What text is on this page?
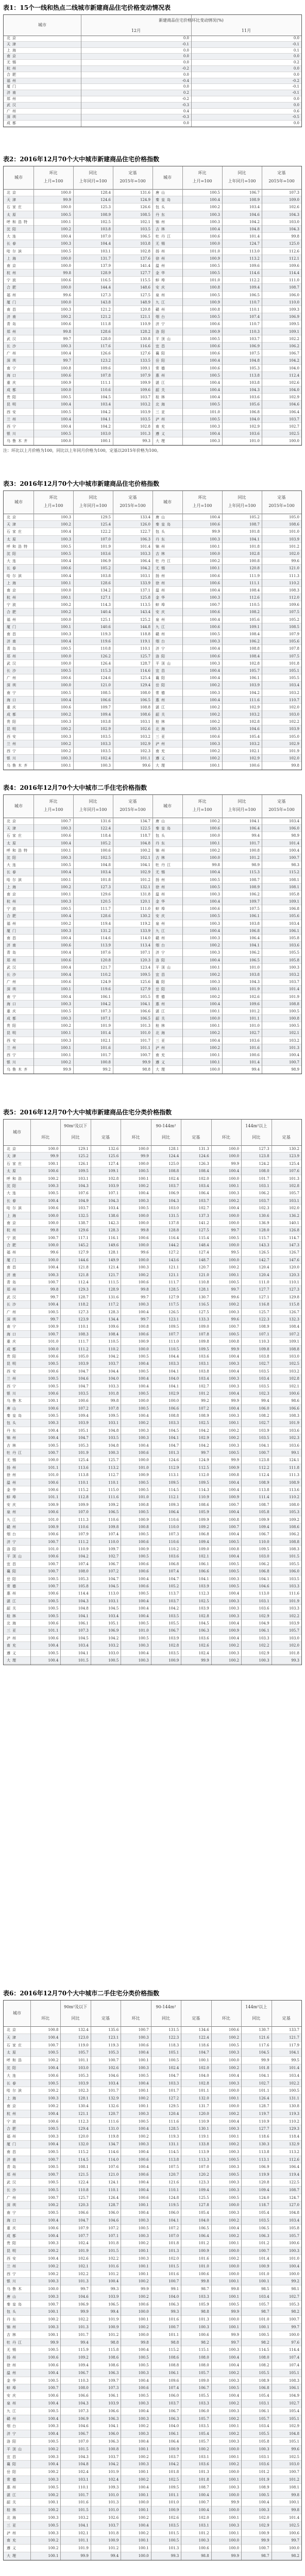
表1：15个一线和热点二线城市新建商品住宅价格变动情况表
城市
新建商品住宅价格环比变动情况(%)
12月	11月
北京	0.0	0.0
天津	-0.1	-0.1
上海	0.0	0.1
南京	0.0	0.0
无锡	0.0	0.2
杭州	-0.2	0.0
合肥	0.0	0.0
福州	-0.4	-0.2
厦门	0.0	-0.1
济南	0.2	-0.1
郑州	-0.2	0.0
武汉	-0.3	0.0
广州	0.4	0.6
深圳	-0.3	-0.5
成都	0.0	0.0
表2：2016年12月70个大中城市新建商品住宅价格指数
城市
环比	同比	定基
城市
环比	同比	定基
上月=100	上年同月=100	2015年=100	上月=100	上年同月=100	2015年=100
北京	100.0	128.4	131.6	唐山	100.5	106.7	107.3
天津	99.9	124.6	124.9	秦皇岛	100.4	108.9	109.0
石家庄	100.0	125.3	126.6	包头	100.2	103.4	102.6
太原	100.5	108.9	108.5	丹东	100.3	104.6	104.3
呼和浩特	100.1	102.5	102.1	锦州	100.3	104.2	103.0
沈阳	100.2	103.8	103.5	吉林	100.4	104.8	104.3
大连	100.4	107.0	106.5	牡丹江	100.6	101.4	99.8
长春	100.3	104.4	103.8	无锡	100.0	124.7	125.0
哈尔滨	100.5	103.1	102.8	扬州	101.0	113.0	112.6
上海	100.0	131.7	137.6	徐州	100.9	113.2	112.1
南京	100.0	137.9	141.4	温州	100.5	109.6	109.6
杭州	99.8	128.9	127.7	金华	100.5	114.6	114.4
宁波	100.6	116.5	115.5	蚌埠	101.0	112.2	111.0
合肥	100.0	144.4	148.6	安庆	100.8	109.4	108.7
福州	99.6	127.3	127.5	泉州	100.5	106.5	106.0
厦门	100.0	143.8	148.9	九江	100.9	110.7	110.0
南昌	100.3	121.2	120.8	赣州	100.8	110.1	109.3
济南	100.2	121.2	121.1	烟台	100.5	107.4	106.9
青岛	100.6	111.8	110.9	济宁	100.6	110.7	109.5
郑州	99.8	128.6	128.2	洛阳	100.9	110.3	109.1
武汉	99.7	128.0	130.8	平顶山	100.5	103.7	102.2
长沙	100.3	117.6	116.6	宜昌	100.6	106.9	106.2
广州	100.4	126.6	127.6	襄阳	100.6	107.5	106.7
深圳	99.7	123.2	133.5	岳阳	100.4	104.8	104.2
南宁	100.8	109.6	109.1	常德	100.6	105.3	104.0
海口	100.6	107.8	107.9	惠州	100.5	113.8	112.4
重庆	100.9	111.1	109.9	湛江	100.4	103.8	102.6
成都	100.0	110.6	109.6	韶关	100.4	104.3	104.0
贵阳	100.5	104.5	103.7	桂林	100.4	103.6	102.9
昆明	100.4	103.4	103.2	北海	100.5	105.6	104.6
西安	100.5	104.2	103.9	三亚	101.0	106.8	106.4
兰州	100.4	104.1	103.5	泸州	100.5	104.0	103.7
西宁	100.4	104.2	102.8	南充	100.3	102.9	102.7
银川	100.5	103.0	101.3	遵义	100.4	103.6	102.5
乌鲁木齐	100.0	100.1	99.3	大理	100.3	101.0	100.0
注：环比以上月价格为100，同比以上年同月价格为100，定基以2015年价格为100。
表3：2016年12月70个大中城市新建商品住宅价格指数
城市
环比	同比	定基
城市
环比	同比	定基
上月=100	上年同月=100	2015年=100	上月=100	上年同月=100	2015年=100
北京	100.3	129.5	133.4	唐山	100.4	105.2	105.0
天津	100.2	125.4	126.0	秦皇岛	100.6	108.7	108.6
石家庄	100.4	122.2	122.7	包头	99.9	101.8	101.0
太原	100.3	107.0	106.3	丹东	100.3	104.1	103.9
呼和浩特	100.5	101.9	101.4	锦州	100.1	101.8	101.2
沈阳	100.5	103.6	103.3	吉林	100.0	102.8	102.0
大连	100.4	106.9	106.4	牡丹江	100.2	100.8	99.6
长春	100.6	105.2	104.2	无锡	100.1	120.8	121.0
哈尔滨	100.4	103.8	103.1	扬州	100.6	111.9	111.3
上海	100.1	128.6	133.9	徐州	100.6	111.1	110.2
南京	100.0	134.2	137.1	温州	100.4	108.4	108.3
杭州	100.1	127.1	125.8	金华	100.3	112.6	112.0
宁波	100.2	114.3	113.5	蚌埠	100.7	110.5	109.6
合肥	100.2	140.4	143.4	安庆	100.6	108.2	107.5
福州	100.0	125.1	125.2	泉州	100.4	105.6	105.2
厦门	100.1	140.6	144.8	九江	100.6	109.1	108.5
南昌	100.3	119.3	118.8	赣州	100.5	108.4	107.9
济南	100.4	119.6	119.1	烟台	100.3	106.2	105.6
青岛	100.5	110.8	110.1	济宁	100.4	108.8	107.8
郑州	100.0	126.2	125.7	洛阳	100.6	108.4	107.5
武汉	100.0	126.4	128.7	平顶山	100.3	102.8	101.8
长沙	100.5	115.3	114.6	宜昌	100.4	105.7	105.1
广州	100.6	124.6	125.4	襄阳	100.4	106.1	105.5
深圳	100.0	121.0	129.4	岳阳	100.2	103.9	103.4
南宁	100.5	108.5	108.0	常德	100.3	104.2	103.2
海口	100.4	106.6	106.5	惠州	100.4	111.6	110.7
重庆	100.6	109.7	108.8	湛江	100.2	102.9	102.0
成都	100.2	109.4	108.6	韶关	100.2	103.2	103.0
贵阳	100.3	103.8	103.1	桂林	100.2	102.8	102.2
昆明	100.2	102.9	102.6	北海	100.3	104.6	103.9
西安	100.3	103.5	103.2	三亚	100.6	105.4	105.0
兰州	100.2	103.3	102.9	泸州	100.3	103.2	102.9
西宁	100.2	103.5	102.3	南充	100.2	102.1	101.9
银川	100.3	102.4	101.1	遵义	100.2	102.9	102.0
乌鲁木齐	100.1	100.3	99.6	大理	100.1	100.6	99.8
表4：2016年12月70个大中城市二手住宅价格指数
城市
环比	同比	定基
城市
环比	同比	定基
上月=100	上年同月=100	2015年=100	上月=100	上年同月=100	2015年=100
北京	100.7	131.6	134.7	唐山	100.2	104.1	103.4
天津	100.3	122.4	122.5	秦皇岛	100.6	106.4	106.0
石家庄	100.6	118.4	118.7	包头	100.0	99.4	98.9
太原	100.4	105.2	104.8	丹东	100.1	101.7	101.4
呼和浩特	100.1	100.6	100.2	锦州	100.2	100.8	100.4
沈阳	100.3	102.5	102.1	吉林	100.0	101.2	100.7
大连	100.5	104.8	104.1	牡丹江	99.8	98.9	98.3
长春	100.4	103.4	102.9	无锡	100.4	115.3	115.2
哈尔滨	100.1	101.8	101.2	扬州	100.5	108.7	108.1
上海	100.2	127.3	132.1	徐州	100.5	108.9	108.1
南京	100.1	129.6	131.8	温州	100.3	106.2	105.8
杭州	100.3	120.5	120.1	金华	100.4	109.7	109.1
宁波	100.5	111.7	111.0	蚌埠	100.6	107.5	106.8
合肥	100.4	128.6	130.2	安庆	100.5	106.1	105.6
福州	100.2	119.4	119.2	泉州	100.3	103.8	103.4
厦门	100.3	131.2	133.9	九江	100.4	106.8	106.1
南昌	100.4	114.6	114.0	赣州	100.3	106.4	105.8
济南	100.6	113.9	113.4	烟台	100.2	104.1	103.6
青岛	100.4	107.6	107.1	济宁	100.3	106.2	105.5
郑州	100.6	120.8	120.3	洛阳	100.4	106.5	105.8
武汉	100.4	121.7	123.4	平顶山	100.1	101.0	100.3
长沙	100.4	110.2	109.5	宜昌	100.2	103.8	103.2
广州	100.6	124.9	125.6	襄阳	100.3	104.3	103.7
深圳	100.1	119.6	127.9	岳阳	100.1	101.9	101.4
南宁	100.4	106.1	105.5	常德	100.2	102.6	101.9
海口	100.3	104.2	104.1	惠州	100.4	109.6	108.8
重庆	100.5	107.3	106.6	湛江	100.1	101.2	100.5
成都	100.3	107.1	106.5	韶关	100.0	101.1	100.8
贵阳	100.2	101.9	101.3	桂林	100.1	101.0	100.5
昆明	100.1	101.4	101.0	北海	100.2	102.7	102.1
西安	100.3	102.1	101.7	三亚	100.4	103.6	103.2
兰州	100.1	101.6	101.1	泸州	100.2	101.6	101.3
西宁	100.1	101.7	100.7	南充	100.1	100.6	100.4
银川	100.2	100.8	99.9	遵义	100.1	101.4	100.7
乌鲁木齐	99.9	99.2	98.8	大理	100.0	99.4	98.9
表5：2016年12月70个大中城市新建商品住宅分类价格指数
城市
90m²及以下	90-144m²	144m²以上
环比	同比	定基	环比	同比	定基	环比	同比	定基
北京	100.0	129.1	132.6	100.0	128.1	131.3	100.0	127.3	130.2
天津	99.9	125.2	125.6	99.9	124.4	124.6	100.0	123.8	123.9
石家庄	100.1	126.1	127.4	100.0	125.0	126.3	99.9	124.2	125.4
太原	100.6	109.5	109.1	100.5	108.8	108.4	100.4	108.0	107.6
呼和浩	100.2	103.1	102.8	100.1	102.4	102.0	100.0	101.7	101.3
沈阳	100.3	104.3	103.9	100.2	103.7	103.4	100.1	103.1	102.8
大连	100.5	107.6	107.1	100.4	106.9	106.4	100.3	106.2	105.7
长春	100.4	104.9	104.3	100.3	104.3	103.7	100.2	103.7	103.1
哈尔滨	100.6	103.7	103.4	100.5	103.0	102.7	100.4	102.3	102.0
上海	100.0	132.5	138.6	100.0	131.5	137.3	100.0	130.6	136.2
南京	100.0	138.7	142.3	100.0	137.8	141.2	100.0	136.9	140.1
杭州	99.8	129.6	128.3	99.8	128.8	127.5	99.7	128.0	126.8
宁波	100.7	117.1	116.1	100.6	116.4	115.4	100.5	115.7	114.7
合肥	100.0	145.2	149.6	100.0	144.2	148.4	100.0	143.3	147.3
福州	99.6	127.9	128.1	99.6	127.2	127.4	99.5	126.5	126.7
厦门	100.0	144.6	149.9	100.0	143.6	148.7	100.0	142.7	147.6
南昌	100.4	121.8	121.4	100.3	121.1	120.7	100.2	120.4	120.0
济南	100.3	121.8	121.7	100.2	121.1	121.0	100.1	120.4	120.3
青岛	100.7	112.4	111.5	100.6	111.7	110.8	100.5	111.0	110.1
郑州	99.8	129.3	128.9	99.8	128.5	128.1	99.7	127.7	127.3
武汉	99.7	128.7	131.6	99.7	127.9	130.7	99.6	127.1	129.8
长沙	100.4	118.2	117.2	100.3	117.5	116.5	100.2	116.8	115.8
广州	100.5	127.3	128.3	100.4	126.5	127.5	100.3	125.7	126.7
深圳	99.7	123.9	134.4	99.7	123.1	133.3	99.6	122.3	132.3
南宁	100.9	110.1	109.6	100.8	109.5	109.0	100.7	108.9	108.4
海口	100.7	108.3	108.4	100.6	107.7	107.8	100.5	107.1	107.2
重庆	101.0	111.7	110.5	100.9	111.0	109.8	100.8	110.3	109.1
成都	100.0	111.2	110.2	100.0	110.5	109.5	99.9	109.8	108.8
贵阳	100.6	105.0	104.2	100.5	104.4	103.6	100.4	103.8	103.0
昆明	100.5	103.9	103.7	100.4	103.3	103.1	100.3	102.7	102.5
西安	100.6	104.7	104.4	100.5	104.1	103.8	100.4	103.5	103.2
兰州	100.5	104.6	104.0	100.4	104.0	103.4	100.3	103.4	102.8
西宁	100.5	104.7	103.3	100.4	104.1	102.7	100.3	103.5	102.1
银川	100.6	103.5	101.8	100.5	102.9	101.2	100.4	102.3	100.6
乌鲁木	100.1	100.6	99.8	100.0	100.0	99.2	99.9	99.4	98.6
唐山	100.6	107.2	107.8	100.5	106.6	107.2	100.4	106.0	106.6
秦皇岛	100.5	109.4	109.5	100.4	108.8	108.9	100.3	108.2	108.3
包头	100.3	103.9	103.1	100.2	103.3	102.5	100.1	102.7	101.9
丹东	100.4	105.1	104.8	100.3	104.5	104.2	100.2	103.9	103.6
锦州	100.4	104.7	103.5	100.3	104.1	102.9	100.2	103.5	102.3
吉林	100.5	105.3	104.8	100.4	104.7	104.2	100.3	104.1	103.6
牡丹江	100.7	101.9	100.3	100.6	101.3	99.7	100.5	100.7	99.1
无锡	100.0	125.4	125.7	100.0	124.6	124.9	99.9	123.8	124.1
扬州	101.1	113.6	113.2	101.0	112.9	112.5	100.9	112.2	111.8
徐州	101.0	113.8	112.7	100.9	113.1	112.0	100.8	112.4	111.3
温州	100.6	110.1	110.1	100.5	109.5	109.5	100.4	108.9	108.9
金华	100.6	115.2	115.0	100.5	114.5	114.3	100.4	113.8	113.6
蚌埠	101.1	112.8	111.6	101.0	112.1	110.9	100.9	111.4	110.2
安庆	100.9	109.9	109.2	100.8	109.3	108.6	100.7	108.7	108.0
泉州	100.6	107.0	106.5	100.5	106.4	105.9	100.4	105.8	105.3
九江	101.0	111.3	110.6	100.9	110.6	109.9	100.8	109.9	109.2
赣州	100.9	110.6	109.8	100.8	110.0	109.2	100.7	109.4	108.6
烟台	100.6	107.9	107.4	100.5	107.3	106.8	100.4	106.7	106.2
济宁	100.7	111.2	110.0	100.6	110.6	109.4	100.5	110.0	108.8
洛阳	101.0	110.9	109.7	100.9	110.2	109.0	100.8	109.5	108.3
平顶山	100.6	104.2	102.7	100.5	103.6	102.1	100.4	103.0	101.5
宜昌	100.7	107.4	106.7	100.6	106.8	106.1	100.5	106.2	105.5
襄阳	100.7	108.0	107.2	100.6	107.4	106.6	100.5	106.8	106.0
岳阳	100.5	105.3	104.7	100.4	104.7	104.1	100.3	104.1	103.5
常德	100.7	105.8	104.5	100.6	105.2	103.9	100.5	104.6	103.3
惠州	100.6	114.4	113.0	100.5	113.7	112.3	100.4	113.0	111.6
湛江	100.5	104.3	103.1	100.4	103.7	102.5	100.3	103.1	101.9
韶关	100.5	104.8	104.5	100.4	104.2	103.9	100.3	103.6	103.3
桂林	100.5	104.1	103.4	100.4	103.5	102.8	100.3	102.9	102.2
北海	100.6	106.1	105.1	100.5	105.5	104.5	100.4	104.9	103.9
三亚	101.1	107.3	106.9	101.0	106.7	106.3	100.9	106.1	105.7
泸州	100.6	104.5	104.2	100.5	103.9	103.6	100.4	103.3	103.0
南充	100.4	103.4	103.2	100.3	102.8	102.6	100.2	102.2	102.0
遵义	100.5	104.1	103.0	100.4	103.5	102.4	100.3	102.9	101.8
大理	100.4	101.5	100.5	100.3	100.9	99.9	100.2	100.3	99.3
表6：2016年12月70个大中城市二手住宅分类价格指数
城市
90m²及以下	90-144m²	144m²以上
环比	同比	定基	环比	同比	定基	环比	同比	定基
北京	100.8	132.4	135.6	100.7	131.5	134.6	100.6	130.7	133.7
天津	100.4	123.0	123.1	100.3	122.3	122.4	100.2	121.6	121.7
石家庄	100.7	119.0	119.3	100.6	118.3	118.6	100.5	117.6	117.9
太原	100.5	105.7	105.3	100.4	105.1	104.7	100.3	104.5	104.1
呼和浩	100.2	101.1	100.7	100.1	100.5	100.1	100.0	99.9	99.5
沈阳	100.4	103.0	102.6	100.3	102.4	102.0	100.2	101.8	101.4
大连	100.6	105.3	104.6	100.5	104.7	104.0	100.4	104.1	103.4
长春	100.5	103.9	103.4	100.4	103.3	102.8	100.3	102.7	102.2
哈尔滨	100.2	102.3	101.7	100.1	101.7	101.1	100.0	101.1	100.5
上海	100.3	128.1	132.9	100.2	127.2	132.0	100.1	126.4	131.1
南京	100.2	130.4	132.6	100.1	129.5	131.7	100.0	128.7	130.8
杭州	100.4	121.1	120.7	100.3	120.4	120.0	100.2	119.7	119.3
宁波	100.6	112.3	111.6	100.5	111.6	110.9	100.4	110.9	110.2
合肥	100.5	129.4	131.0	100.4	128.5	130.1	100.3	127.7	129.3
福州	100.3	120.0	119.8	100.2	119.3	119.1	100.1	118.6	118.4
厦门	100.4	132.0	134.7	100.3	131.1	133.8	100.2	130.3	132.9
南昌	100.5	115.2	114.6	100.4	114.5	113.9	100.3	113.8	113.2
济南	100.7	114.5	114.0	100.6	113.8	113.3	100.5	113.1	112.6
青岛	100.5	108.1	107.6	100.4	107.5	107.0	100.3	106.9	106.4
郑州	100.7	121.5	121.0	100.6	120.7	120.2	100.5	119.9	119.4
武汉	100.5	122.4	124.1	100.4	121.6	123.3	100.3	120.8	122.5
长沙	100.5	110.8	110.1	100.4	110.1	109.4	100.3	109.4	108.7
广州	100.7	125.7	126.4	100.6	124.8	125.5	100.5	124.0	124.7
深圳	100.2	120.3	128.7	100.1	119.5	127.8	100.0	118.7	127.0
南宁	100.5	106.6	106.0	100.4	106.0	105.4	100.3	105.4	104.8
海口	100.4	104.7	104.6	100.3	104.1	104.0	100.2	103.5	103.4
重庆	100.6	107.9	107.2	100.5	107.2	106.5	100.4	106.5	105.8
成都	100.4	107.7	107.1	100.3	107.0	106.4	100.2	106.3	105.7
贵阳	100.3	102.4	101.8	100.2	101.8	101.2	100.1	101.2	100.6
昆明	100.2	101.9	101.5	100.1	101.3	100.9	100.0	100.7	100.3
西安	100.4	102.6	102.2	100.3	102.0	101.6	100.2	101.4	101.0
兰州	100.2	102.1	101.6	100.1	101.5	101.0	100.0	100.9	100.4
西宁	100.2	102.2	101.2	100.1	101.6	100.6	100.0	101.0	100.0
银川	100.3	101.3	100.4	100.2	100.7	99.8	100.1	100.1	99.2
乌鲁木	100.0	99.7	99.3	99.9	99.1	98.7	99.8	98.5	98.1
唐山	100.3	104.6	103.9	100.2	104.0	103.3	100.1	103.4	102.7
秦皇岛	100.7	106.9	106.5	100.6	106.3	105.9	100.5	105.7	105.3
包头	100.1	99.9	99.4	100.0	99.3	98.8	99.9	98.7	98.2
丹东	100.2	102.2	101.9	100.1	101.6	101.3	100.0	101.0	100.7
锦州	100.3	101.3	100.9	100.2	100.7	100.3	100.1	100.1	99.7
吉林	100.1	101.7	101.2	100.0	101.1	100.6	99.9	100.5	100.0
牡丹江	99.9	99.4	98.8	99.8	98.8	98.2	99.7	98.2	97.6
无锡	100.5	115.9	115.8	100.4	115.2	115.1	100.3	114.5	114.4
扬州	100.6	109.2	108.6	100.5	108.6	108.0	100.4	108.0	107.4
徐州	100.6	109.4	108.6	100.5	108.8	108.0	100.4	108.2	107.4
温州	100.4	106.7	106.3	100.3	106.1	105.7	100.2	105.5	105.1
金华	100.5	110.3	109.7	100.4	109.6	109.0	100.3	108.9	108.3
蚌埠	100.7	108.0	107.3	100.6	107.4	106.7	100.5	106.8	106.1
安庆	100.6	106.6	106.1	100.5	106.0	105.5	100.4	105.4	104.9
泉州	100.4	104.3	103.9	100.3	103.7	103.3	100.2	103.1	102.7
九江	100.5	107.3	106.6	100.4	106.7	106.0	100.3	106.1	105.4
赣州	100.4	106.9	106.3	100.3	106.3	105.7	100.2	105.7	105.1
烟台	100.3	104.6	104.1	100.2	104.0	103.5	100.1	103.4	102.9
济宁	100.4	106.7	106.0	100.3	106.1	105.4	100.2	105.5	104.8
洛阳	100.5	107.0	106.3	100.4	106.4	105.7	100.3	105.8	105.1
平顶山	100.2	101.5	100.8	100.1	100.9	100.2	100.0	100.3	99.6
宜昌	100.3	104.3	103.7	100.2	103.7	103.1	100.1	103.1	102.5
襄阳	100.4	104.8	104.2	100.3	104.2	103.6	100.2	103.6	103.0
岳阳	100.2	102.4	101.9	100.1	101.8	101.3	100.0	101.2	100.7
常德	100.3	103.1	102.4	100.2	102.5	101.8	100.1	101.9	101.2
惠州	100.5	110.1	109.3	100.4	109.5	108.7	100.3	108.9	108.1
湛江	100.2	101.7	101.0	100.1	101.1	100.4	100.0	100.5	99.8
韶关	100.1	101.6	101.3	100.0	101.0	100.7	99.9	100.4	100.1
桂林	100.2	101.5	101.0	100.1	100.9	100.4	100.0	100.3	99.8
北海	100.3	103.2	102.6	100.2	102.6	102.0	100.1	102.0	101.4
三亚	100.5	104.1	103.7	100.4	103.5	103.1	100.3	102.9	102.5
泸州	100.3	102.1	101.8	100.2	101.5	101.2	100.1	100.9	100.6
南充	100.2	101.1	100.9	100.1	100.5	100.3	100.0	99.9	99.7
遵义	100.2	101.9	101.2	100.1	101.3	100.6	100.0	100.7	100.0
大理	100.1	99.9	99.4	100.0	99.3	98.8	99.9	98.7	98.2
